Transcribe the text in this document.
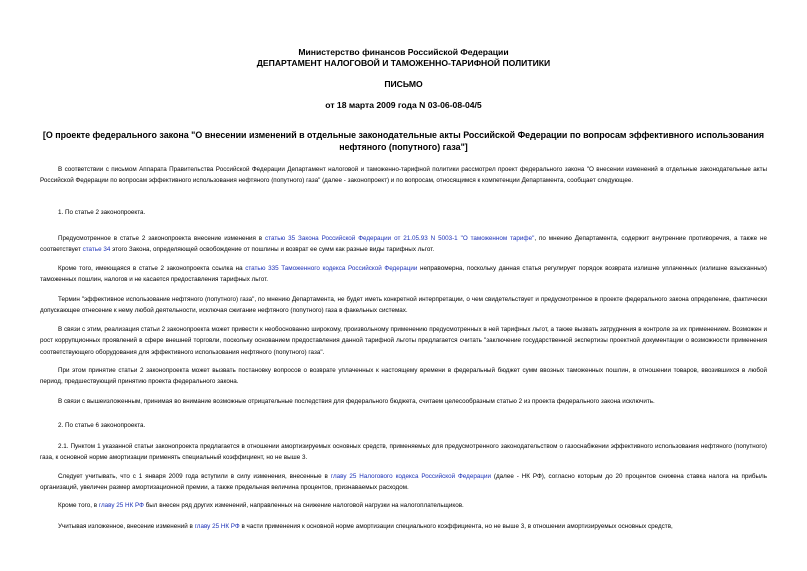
Министерство финансов Российской Федерации
ДЕПАРТАМЕНТ НАЛОГОВОЙ И ТАМОЖЕННО-ТАРИФНОЙ ПОЛИТИКИ
ПИСЬМО
от 18 марта 2009 года N 03-06-08-04/5
[О проекте федерального закона "О внесении изменений в отдельные законодательные акты Российской Федерации по вопросам эффективного использования нефтяного (попутного) газа"]

В соответствии с письмом Аппарата Правительства Российской Федерации Департамент налоговой и таможенно-тарифной политики рассмотрел проект федерального закона "О внесении изменений в отдельные законодательные акты Российской Федерации по вопросам эффективного использования нефтяного (попутного) газа" (далее - законопроект) и по вопросам, относящимся к компетенции Департамента, сообщает следующее.

1. По статье 2 законопроекта.

Предусмотренное в статье 2 законопроекта внесение изменения в статью 35 Закона Российской Федерации от 21.05.93 N 5003-1 "О таможенном тарифе", по мнению Департамента, содержит внутренние противоречия, а также не соответствует статье 34 этого Закона, определяющей освобождение от пошлины и возврат ее сумм как разные виды тарифных льгот.

Кроме того, имеющаяся в статье 2 законопроекта ссылка на статью 335 Таможенного кодекса Российской Федерации неправомерна, поскольку данная статья регулирует порядок возврата излишне уплаченных (излишне взысканных) таможенных пошлин, налогов и не касается предоставления тарифных льгот.

Термин "эффективное использование нефтяного (попутного) газа", по мнению Департамента, не будет иметь конкретной интерпретации, о чем свидетельствует и предусмотренное в проекте федерального закона определение, фактически допускающее отнесение к нему любой деятельности, исключая сжигание нефтяного (попутного) газа в факельных системах.

В связи с этим, реализация статьи 2 законопроекта может привести к необоснованно широкому, произвольному применению предусмотренных в ней тарифных льгот, а также вызвать затруднения в контроле за их применением. Возможен и рост коррупционных проявлений в сфере внешней торговли, поскольку основанием предоставления данной тарифной льготы предлагается считать "заключение государственной экспертизы проектной документации о возможности применения соответствующего оборудования для эффективного использования нефтяного (попутного) газа".

При этом принятие статьи 2 законопроекта может вызвать постановку вопросов о возврате уплаченных к настоящему времени в федеральный бюджет сумм ввозных таможенных пошлин, в отношении товаров, ввозившихся в любой период, предшествующий принятию проекта федерального закона.

В связи с вышеизложенным, принимая во внимание возможные отрицательные последствия для федерального бюджета, считаем целесообразным статью 2 из проекта федерального закона исключить.

2. По статье 6 законопроекта.

2.1. Пунктом 1 указанной статьи законопроекта предлагается в отношении амортизируемых основных средств, применяемых для предусмотренного законодательством о газоснабжении эффективного использования нефтяного (попутного) газа, к основной норме амортизации применять специальный коэффициент, но не выше 3.

Следует учитывать, что с 1 января 2009 года вступили в силу изменения, внесенные в главу 25 Налогового кодекса Российской Федерации (далее - НК РФ), согласно которым до 20 процентов снижена ставка налога на прибыль организаций, увеличен размер амортизационной премии, а также предельная величина процентов, признаваемых расходом.

Кроме того, в главу 25 НК РФ был внесен ряд других изменений, направленных на снижение налоговой нагрузки на налогоплательщиков.

Учитывая изложенное, внесение изменений в главу 25 НК РФ в части применения к основной норме амортизации специального коэффициента, но не выше 3, в отношении амортизируемых основных средств,
